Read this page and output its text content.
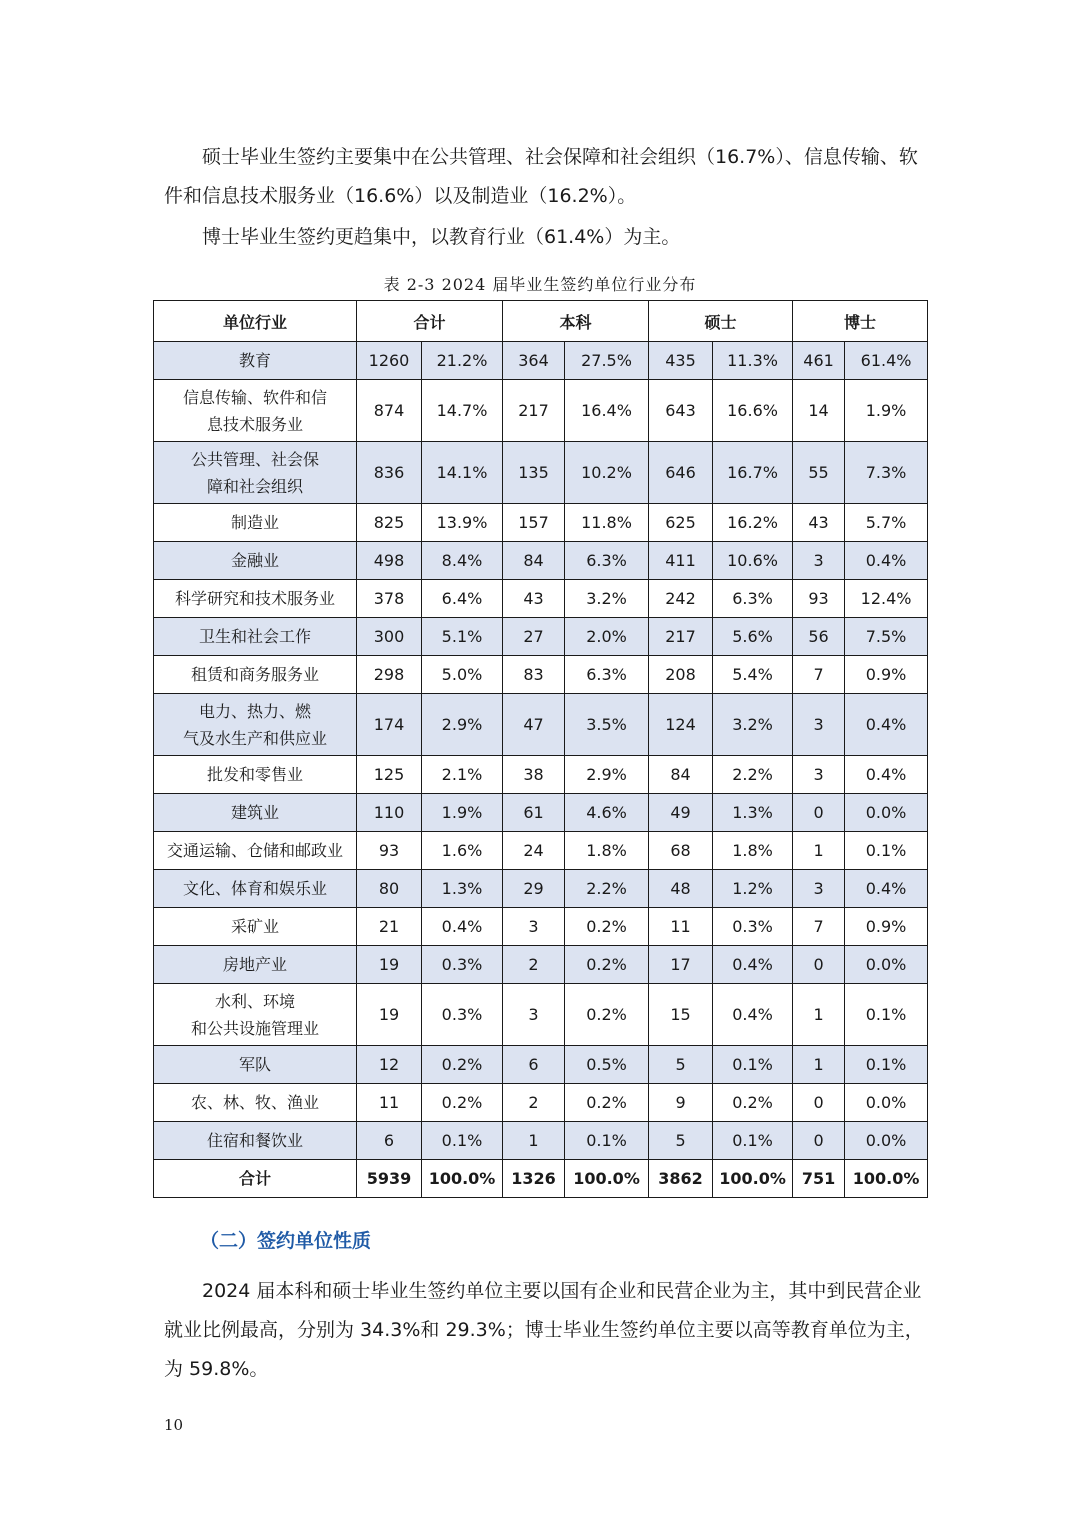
硕士毕业生签约主要集中在公共管理、社会保障和社会组织（16.7%）、信息传输、软件和信息技术服务业（16.6%）以及制造业（16.2%）。

博士毕业生签约更趋集中，以教育行业（61.4%）为主。

表 2-3 2024 届毕业生签约单位行业分布
单位行业	合计		本科		硕士		博士	
教育	1260	21.2%	364	27.5%	435	11.3%	461	61.4%
信息传输、软件和信
息技术服务业	874	14.7%	217	16.4%	643	16.6%	14	1.9%
公共管理、社会保
障和社会组织	836	14.1%	135	10.2%	646	16.7%	55	7.3%
制造业	825	13.9%	157	11.8%	625	16.2%	43	5.7%
金融业	498	8.4%	84	6.3%	411	10.6%	3	0.4%
科学研究和技术服务业	378	6.4%	43	3.2%	242	6.3%	93	12.4%
卫生和社会工作	300	5.1%	27	2.0%	217	5.6%	56	7.5%
租赁和商务服务业	298	5.0%	83	6.3%	208	5.4%	7	0.9%
电力、热力、燃
气及水生产和供应业	174	2.9%	47	3.5%	124	3.2%	3	0.4%
批发和零售业	125	2.1%	38	2.9%	84	2.2%	3	0.4%
建筑业	110	1.9%	61	4.6%	49	1.3%	0	0.0%
交通运输、仓储和邮政业	93	1.6%	24	1.8%	68	1.8%	1	0.1%
文化、体育和娱乐业	80	1.3%	29	2.2%	48	1.2%	3	0.4%
采矿业	21	0.4%	3	0.2%	11	0.3%	7	0.9%
房地产业	19	0.3%	2	0.2%	17	0.4%	0	0.0%
水利、环境
和公共设施管理业	19	0.3%	3	0.2%	15	0.4%	1	0.1%
军队	12	0.2%	6	0.5%	5	0.1%	1	0.1%
农、林、牧、渔业	11	0.2%	2	0.2%	9	0.2%	0	0.0%
住宿和餐饮业	6	0.1%	1	0.1%	5	0.1%	0	0.0%
合计	5939	100.0%	1326	100.0%	3862	100.0%	751	100.0%
（二）签约单位性质

2024 届本科和硕士毕业生签约单位主要以国有企业和民营企业为主，其中到民营企业就业比例最高，分别为 34.3%和 29.3%；博士毕业生签约单位主要以高等教育单位为主，为 59.8%。

10
